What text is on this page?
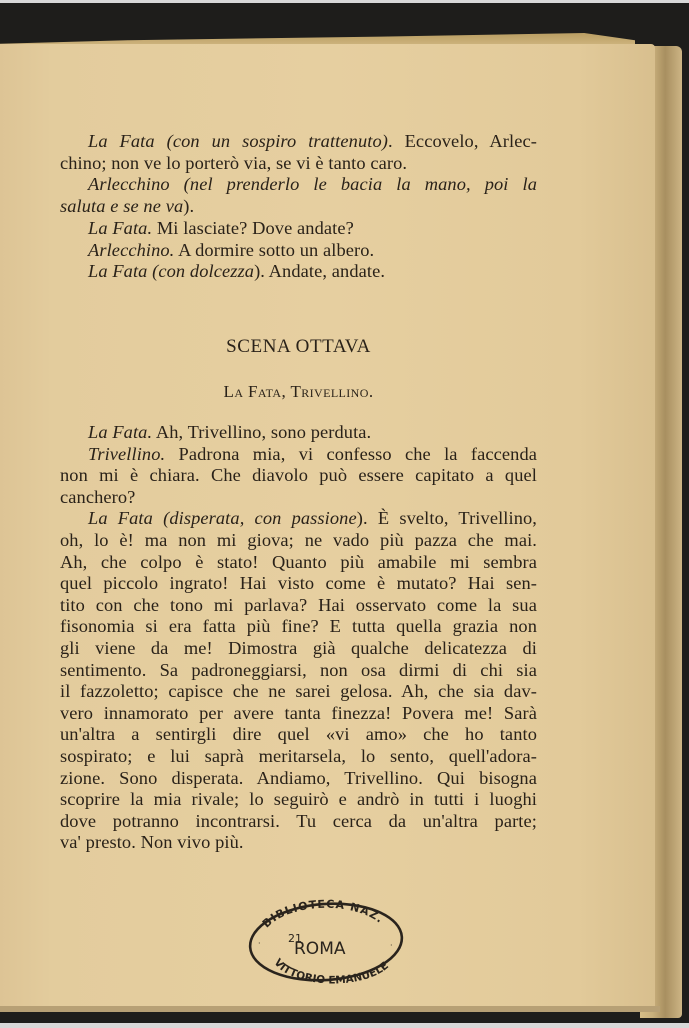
La Fata (con un sospiro trattenuto). Eccovelo, Arlec-
chino; non ve lo porterò via, se vi è tanto caro.
Arlecchino (nel prenderlo le bacia la mano, poi la
saluta e se ne va).
La Fata. Mi lasciate? Dove andate?
Arlecchino. A dormire sotto un albero.
La Fata (con dolcezza). Andate, andate.
SCENA OTTAVA
La Fata, Trivellino.
La Fata. Ah, Trivellino, sono perduta.
Trivellino. Padrona mia, vi confesso che la faccenda
non mi è chiara. Che diavolo può essere capitato a quel
canchero?
La Fata (disperata, con passione). È svelto, Trivellino,
oh, lo è! ma non mi giova; ne vado più pazza che mai.
Ah, che colpo è stato! Quanto più amabile mi sembra
quel piccolo ingrato! Hai visto come è mutato? Hai sen-
tito con che tono mi parlava? Hai osservato come la sua
fisonomia si era fatta più fine? E tutta quella grazia non
gli viene da me! Dimostra già qualche delicatezza di
sentimento. Sa padroneggiarsi, non osa dirmi di chi sia
il fazzoletto; capisce che ne sarei gelosa. Ah, che sia dav-
vero innamorato per avere tanta finezza! Povera me! Sarà
un'altra a sentirgli dire quel «vi amo» che ho tanto
sospirato; e lui saprà meritarsela, lo sento, quell'adora-
zione. Sono disperata. Andiamo, Trivellino. Qui bisogna
scoprire la mia rivale; lo seguirò e andrò in tutti i luoghi
dove potranno incontrarsi. Tu cerca da un'altra parte;
va' presto. Non vivo più.
BIBLIOTECA NAZ.
ROMA
21
VITTORIO EMANUELE
·	·
